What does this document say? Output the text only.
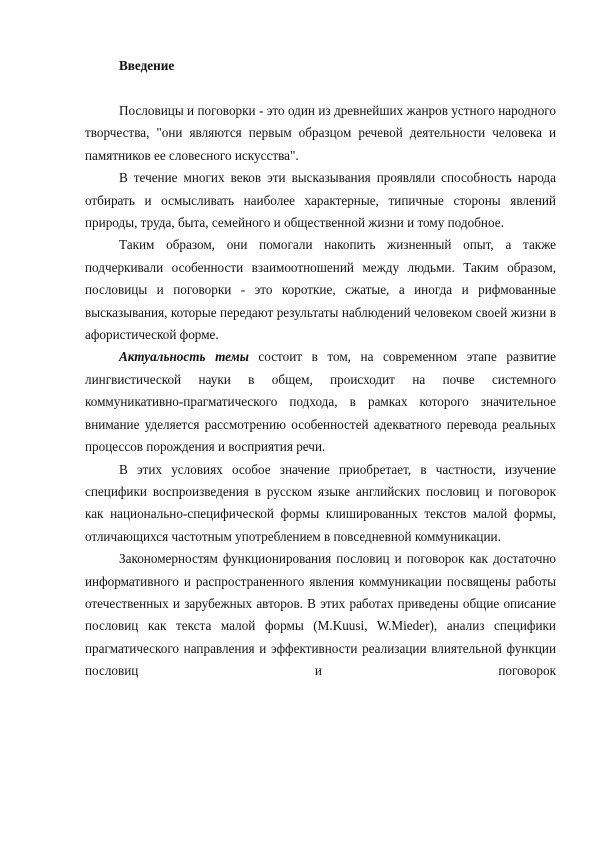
Введение

Пословицы и поговорки - это один из древнейших жанров устного народного творчества, "они являются первым образцом речевой деятельности человека и памятников ее словесного искусства".

В течение многих веков эти высказывания проявляли способность народа отбирать и осмысливать наиболее характерные, типичные стороны явлений природы, труда, быта, семейного и общественной жизни и тому подобное.

Таким образом, они помогали накопить жизненный опыт, а также подчеркивали особенности взаимоотношений между людьми. Таким образом, пословицы и поговорки - это короткие, сжатые, а иногда и рифмованные высказывания, которые передают результаты наблюдений человеком своей жизни в афористической форме.

Актуальность темы состоит в том, на современном этапе развитие лингвистической науки в общем, происходит на почве системного коммуникативно-прагматического подхода, в рамках которого значительное внимание уделяется рассмотрению особенностей адекватного перевода реальных процессов порождения и восприятия речи.

В этих условиях особое значение приобретает, в частности, изучение специфики воспроизведения в русском языке английских пословиц и поговорок как национально-специфической формы клишированных текстов малой формы, отличающихся частотным употреблением в повседневной коммуникации.

Закономерностям функционирования пословиц и поговорок как достаточно информативного и распространенного явления коммуникации посвящены работы отечественных и зарубежных авторов. В этих работах приведены общие описание пословиц как текста малой формы (M.Kuusi, W.Mieder), анализ специфики прагматического направления и эффективности реализации влиятельной функции пословиц и поговорок
